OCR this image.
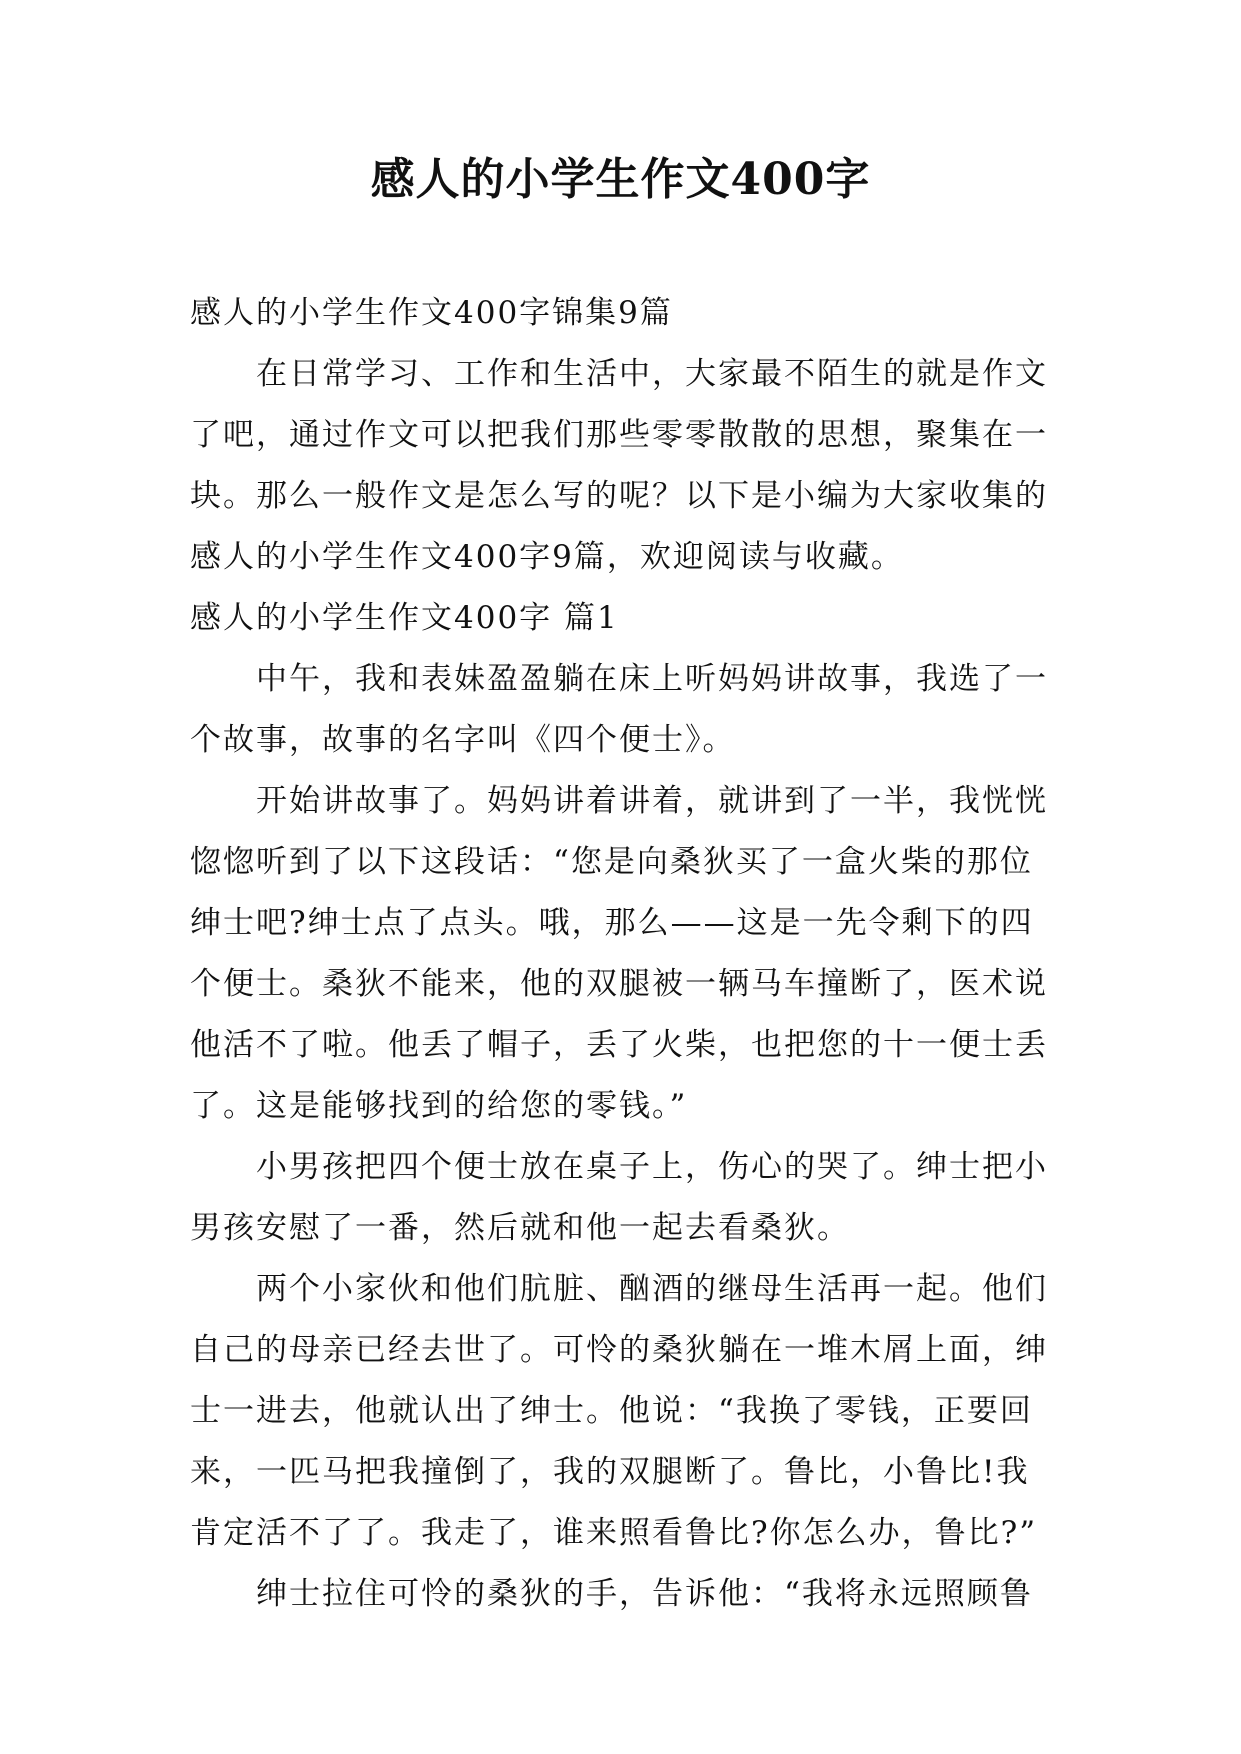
感人的小学生作文400字
感人的小学生作文400字锦集9篇
在日常学习、工作和生活中，大家最不陌生的就是作文
了吧，通过作文可以把我们那些零零散散的思想，聚集在一
块。那么一般作文是怎么写的呢？以下是小编为大家收集的
感人的小学生作文400字9篇，欢迎阅读与收藏。
感人的小学生作文400字 篇1
中午，我和表妹盈盈躺在床上听妈妈讲故事，我选了一
个故事，故事的名字叫《四个便士》。
开始讲故事了。妈妈讲着讲着，就讲到了一半，我恍恍
惚惚听到了以下这段话：“您是向桑狄买了一盒火柴的那位
绅士吧?绅士点了点头。哦，那么——这是一先令剩下的四
个便士。桑狄不能来，他的双腿被一辆马车撞断了，医术说
他活不了啦。他丢了帽子，丢了火柴，也把您的十一便士丢
了。这是能够找到的给您的零钱。”
小男孩把四个便士放在桌子上，伤心的哭了。绅士把小
男孩安慰了一番，然后就和他一起去看桑狄。
两个小家伙和他们肮脏、酗酒的继母生活再一起。他们
自己的母亲已经去世了。可怜的桑狄躺在一堆木屑上面，绅
士一进去，他就认出了绅士。他说：“我换了零钱，正要回
来，一匹马把我撞倒了，我的双腿断了。鲁比，小鲁比!我
肯定活不了了。我走了，谁来照看鲁比?你怎么办，鲁比?”
绅士拉住可怜的桑狄的手，告诉他：“我将永远照顾鲁
